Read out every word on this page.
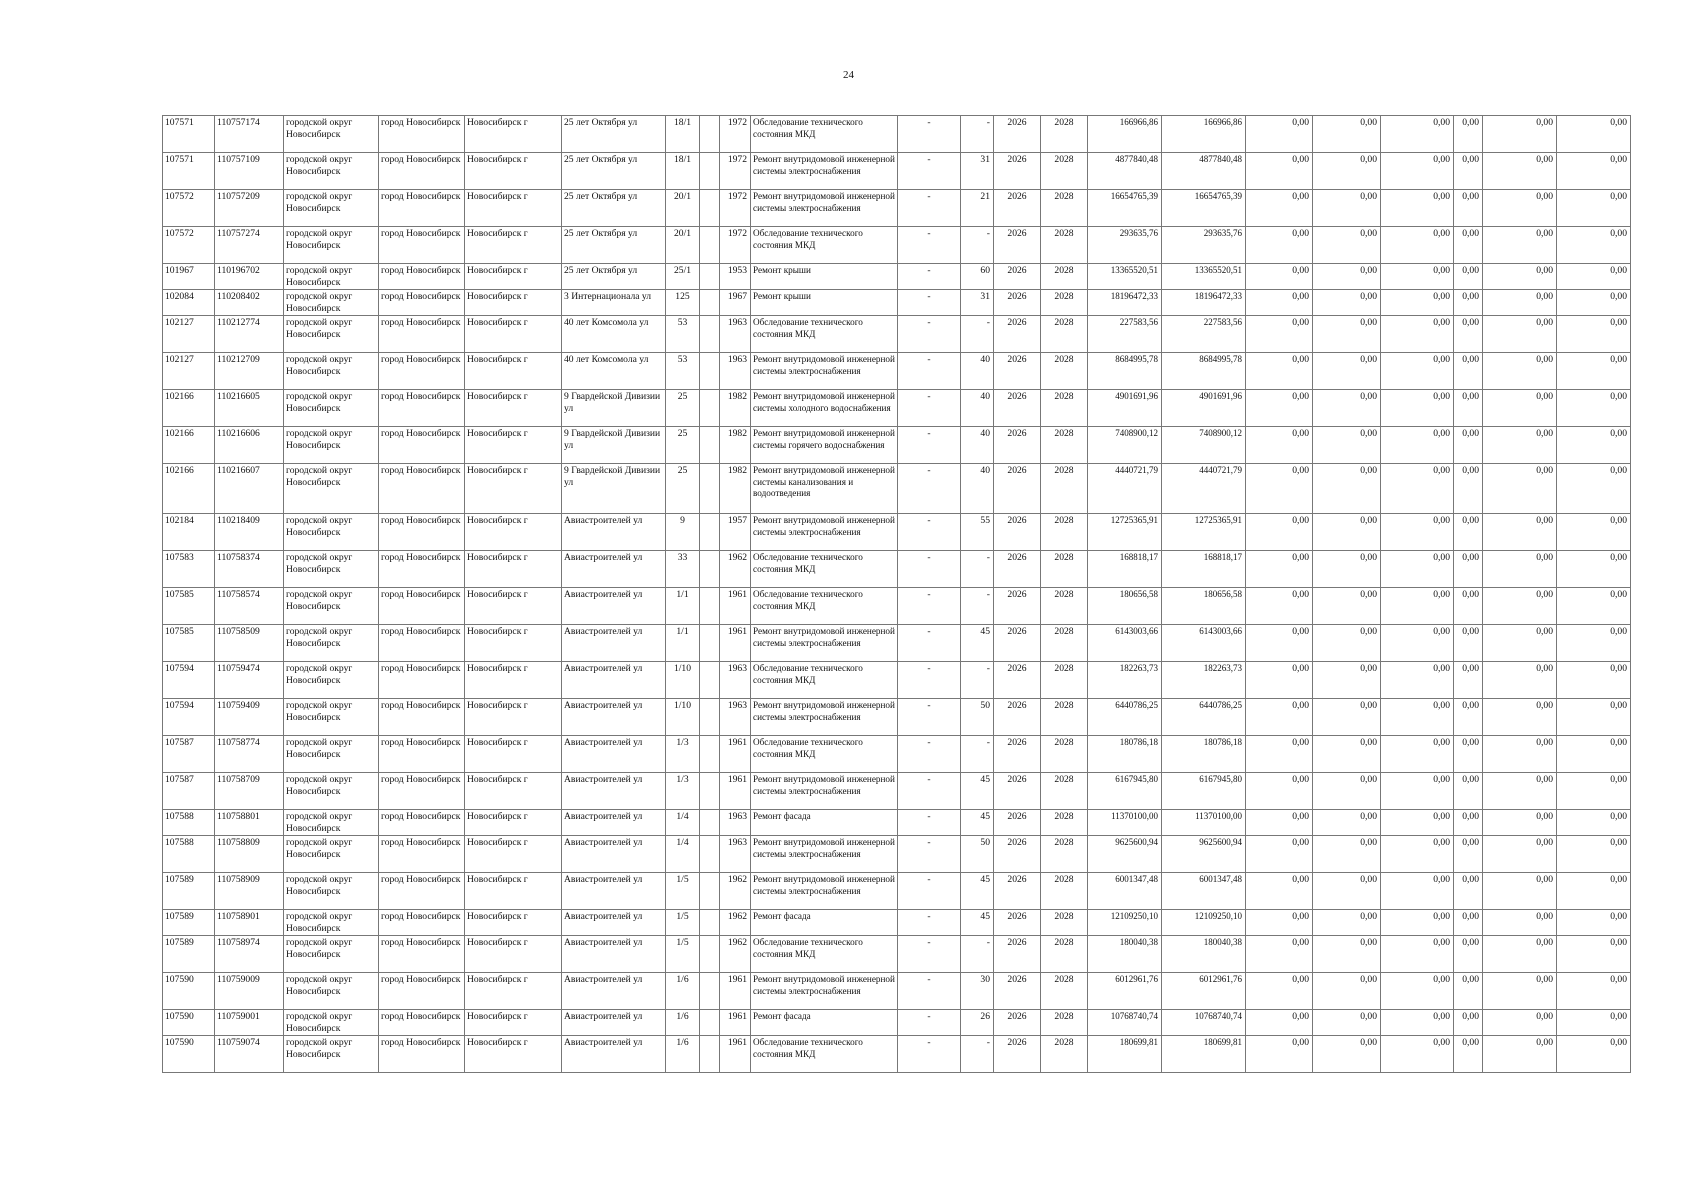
24
107571	110757174	городской округ Новосибирск	город Новосибирск	Новосибирск г	25 лет Октября ул	18/1		1972	Обследование технического состояния МКД	-	-	2026	2028	166966,86	166966,86	0,00	0,00	0,00	0,00	0,00	0,00
107571	110757109	городской округ Новосибирск	город Новосибирск	Новосибирск г	25 лет Октября ул	18/1		1972	Ремонт внутридомовой инженерной системы электроснабжения	-	31	2026	2028	4877840,48	4877840,48	0,00	0,00	0,00	0,00	0,00	0,00
107572	110757209	городской округ Новосибирск	город Новосибирск	Новосибирск г	25 лет Октября ул	20/1		1972	Ремонт внутридомовой инженерной системы электроснабжения	-	21	2026	2028	16654765,39	16654765,39	0,00	0,00	0,00	0,00	0,00	0,00
107572	110757274	городской округ Новосибирск	город Новосибирск	Новосибирск г	25 лет Октября ул	20/1		1972	Обследование технического состояния МКД	-	-	2026	2028	293635,76	293635,76	0,00	0,00	0,00	0,00	0,00	0,00
101967	110196702	городской округ Новосибирск	город Новосибирск	Новосибирск г	25 лет Октября ул	25/1		1953	Ремонт крыши	-	60	2026	2028	13365520,51	13365520,51	0,00	0,00	0,00	0,00	0,00	0,00
102084	110208402	городской округ Новосибирск	город Новосибирск	Новосибирск г	3 Интернационала ул	125		1967	Ремонт крыши	-	31	2026	2028	18196472,33	18196472,33	0,00	0,00	0,00	0,00	0,00	0,00
102127	110212774	городской округ Новосибирск	город Новосибирск	Новосибирск г	40 лет Комсомола ул	53		1963	Обследование технического состояния МКД	-	-	2026	2028	227583,56	227583,56	0,00	0,00	0,00	0,00	0,00	0,00
102127	110212709	городской округ Новосибирск	город Новосибирск	Новосибирск г	40 лет Комсомола ул	53		1963	Ремонт внутридомовой инженерной системы электроснабжения	-	40	2026	2028	8684995,78	8684995,78	0,00	0,00	0,00	0,00	0,00	0,00
102166	110216605	городской округ Новосибирск	город Новосибирск	Новосибирск г	9 Гвардейской Дивизии ул	25		1982	Ремонт внутридомовой инженерной системы холодного водоснабжения	-	40	2026	2028	4901691,96	4901691,96	0,00	0,00	0,00	0,00	0,00	0,00
102166	110216606	городской округ Новосибирск	город Новосибирск	Новосибирск г	9 Гвардейской Дивизии ул	25		1982	Ремонт внутридомовой инженерной системы горячего водоснабжения	-	40	2026	2028	7408900,12	7408900,12	0,00	0,00	0,00	0,00	0,00	0,00
102166	110216607	городской округ Новосибирск	город Новосибирск	Новосибирск г	9 Гвардейской Дивизии ул	25		1982	Ремонт внутридомовой инженерной системы канализования и водоотведения	-	40	2026	2028	4440721,79	4440721,79	0,00	0,00	0,00	0,00	0,00	0,00
102184	110218409	городской округ Новосибирск	город Новосибирск	Новосибирск г	Авиастроителей ул	9		1957	Ремонт внутридомовой инженерной системы электроснабжения	-	55	2026	2028	12725365,91	12725365,91	0,00	0,00	0,00	0,00	0,00	0,00
107583	110758374	городской округ Новосибирск	город Новосибирск	Новосибирск г	Авиастроителей ул	33		1962	Обследование технического состояния МКД	-	-	2026	2028	168818,17	168818,17	0,00	0,00	0,00	0,00	0,00	0,00
107585	110758574	городской округ Новосибирск	город Новосибирск	Новосибирск г	Авиастроителей ул	1/1		1961	Обследование технического состояния МКД	-	-	2026	2028	180656,58	180656,58	0,00	0,00	0,00	0,00	0,00	0,00
107585	110758509	городской округ Новосибирск	город Новосибирск	Новосибирск г	Авиастроителей ул	1/1		1961	Ремонт внутридомовой инженерной системы электроснабжения	-	45	2026	2028	6143003,66	6143003,66	0,00	0,00	0,00	0,00	0,00	0,00
107594	110759474	городской округ Новосибирск	город Новосибирск	Новосибирск г	Авиастроителей ул	1/10		1963	Обследование технического состояния МКД	-	-	2026	2028	182263,73	182263,73	0,00	0,00	0,00	0,00	0,00	0,00
107594	110759409	городской округ Новосибирск	город Новосибирск	Новосибирск г	Авиастроителей ул	1/10		1963	Ремонт внутридомовой инженерной системы электроснабжения	-	50	2026	2028	6440786,25	6440786,25	0,00	0,00	0,00	0,00	0,00	0,00
107587	110758774	городской округ Новосибирск	город Новосибирск	Новосибирск г	Авиастроителей ул	1/3		1961	Обследование технического состояния МКД	-	-	2026	2028	180786,18	180786,18	0,00	0,00	0,00	0,00	0,00	0,00
107587	110758709	городской округ Новосибирск	город Новосибирск	Новосибирск г	Авиастроителей ул	1/3		1961	Ремонт внутридомовой инженерной системы электроснабжения	-	45	2026	2028	6167945,80	6167945,80	0,00	0,00	0,00	0,00	0,00	0,00
107588	110758801	городской округ Новосибирск	город Новосибирск	Новосибирск г	Авиастроителей ул	1/4		1963	Ремонт фасада	-	45	2026	2028	11370100,00	11370100,00	0,00	0,00	0,00	0,00	0,00	0,00
107588	110758809	городской округ Новосибирск	город Новосибирск	Новосибирск г	Авиастроителей ул	1/4		1963	Ремонт внутридомовой инженерной системы электроснабжения	-	50	2026	2028	9625600,94	9625600,94	0,00	0,00	0,00	0,00	0,00	0,00
107589	110758909	городской округ Новосибирск	город Новосибирск	Новосибирск г	Авиастроителей ул	1/5		1962	Ремонт внутридомовой инженерной системы электроснабжения	-	45	2026	2028	6001347,48	6001347,48	0,00	0,00	0,00	0,00	0,00	0,00
107589	110758901	городской округ Новосибирск	город Новосибирск	Новосибирск г	Авиастроителей ул	1/5		1962	Ремонт фасада	-	45	2026	2028	12109250,10	12109250,10	0,00	0,00	0,00	0,00	0,00	0,00
107589	110758974	городской округ Новосибирск	город Новосибирск	Новосибирск г	Авиастроителей ул	1/5		1962	Обследование технического состояния МКД	-	-	2026	2028	180040,38	180040,38	0,00	0,00	0,00	0,00	0,00	0,00
107590	110759009	городской округ Новосибирск	город Новосибирск	Новосибирск г	Авиастроителей ул	1/6		1961	Ремонт внутридомовой инженерной системы электроснабжения	-	30	2026	2028	6012961,76	6012961,76	0,00	0,00	0,00	0,00	0,00	0,00
107590	110759001	городской округ Новосибирск	город Новосибирск	Новосибирск г	Авиастроителей ул	1/6		1961	Ремонт фасада	-	26	2026	2028	10768740,74	10768740,74	0,00	0,00	0,00	0,00	0,00	0,00
107590	110759074	городской округ Новосибирск	город Новосибирск	Новосибирск г	Авиастроителей ул	1/6		1961	Обследование технического состояния МКД	-	-	2026	2028	180699,81	180699,81	0,00	0,00	0,00	0,00	0,00	0,00
